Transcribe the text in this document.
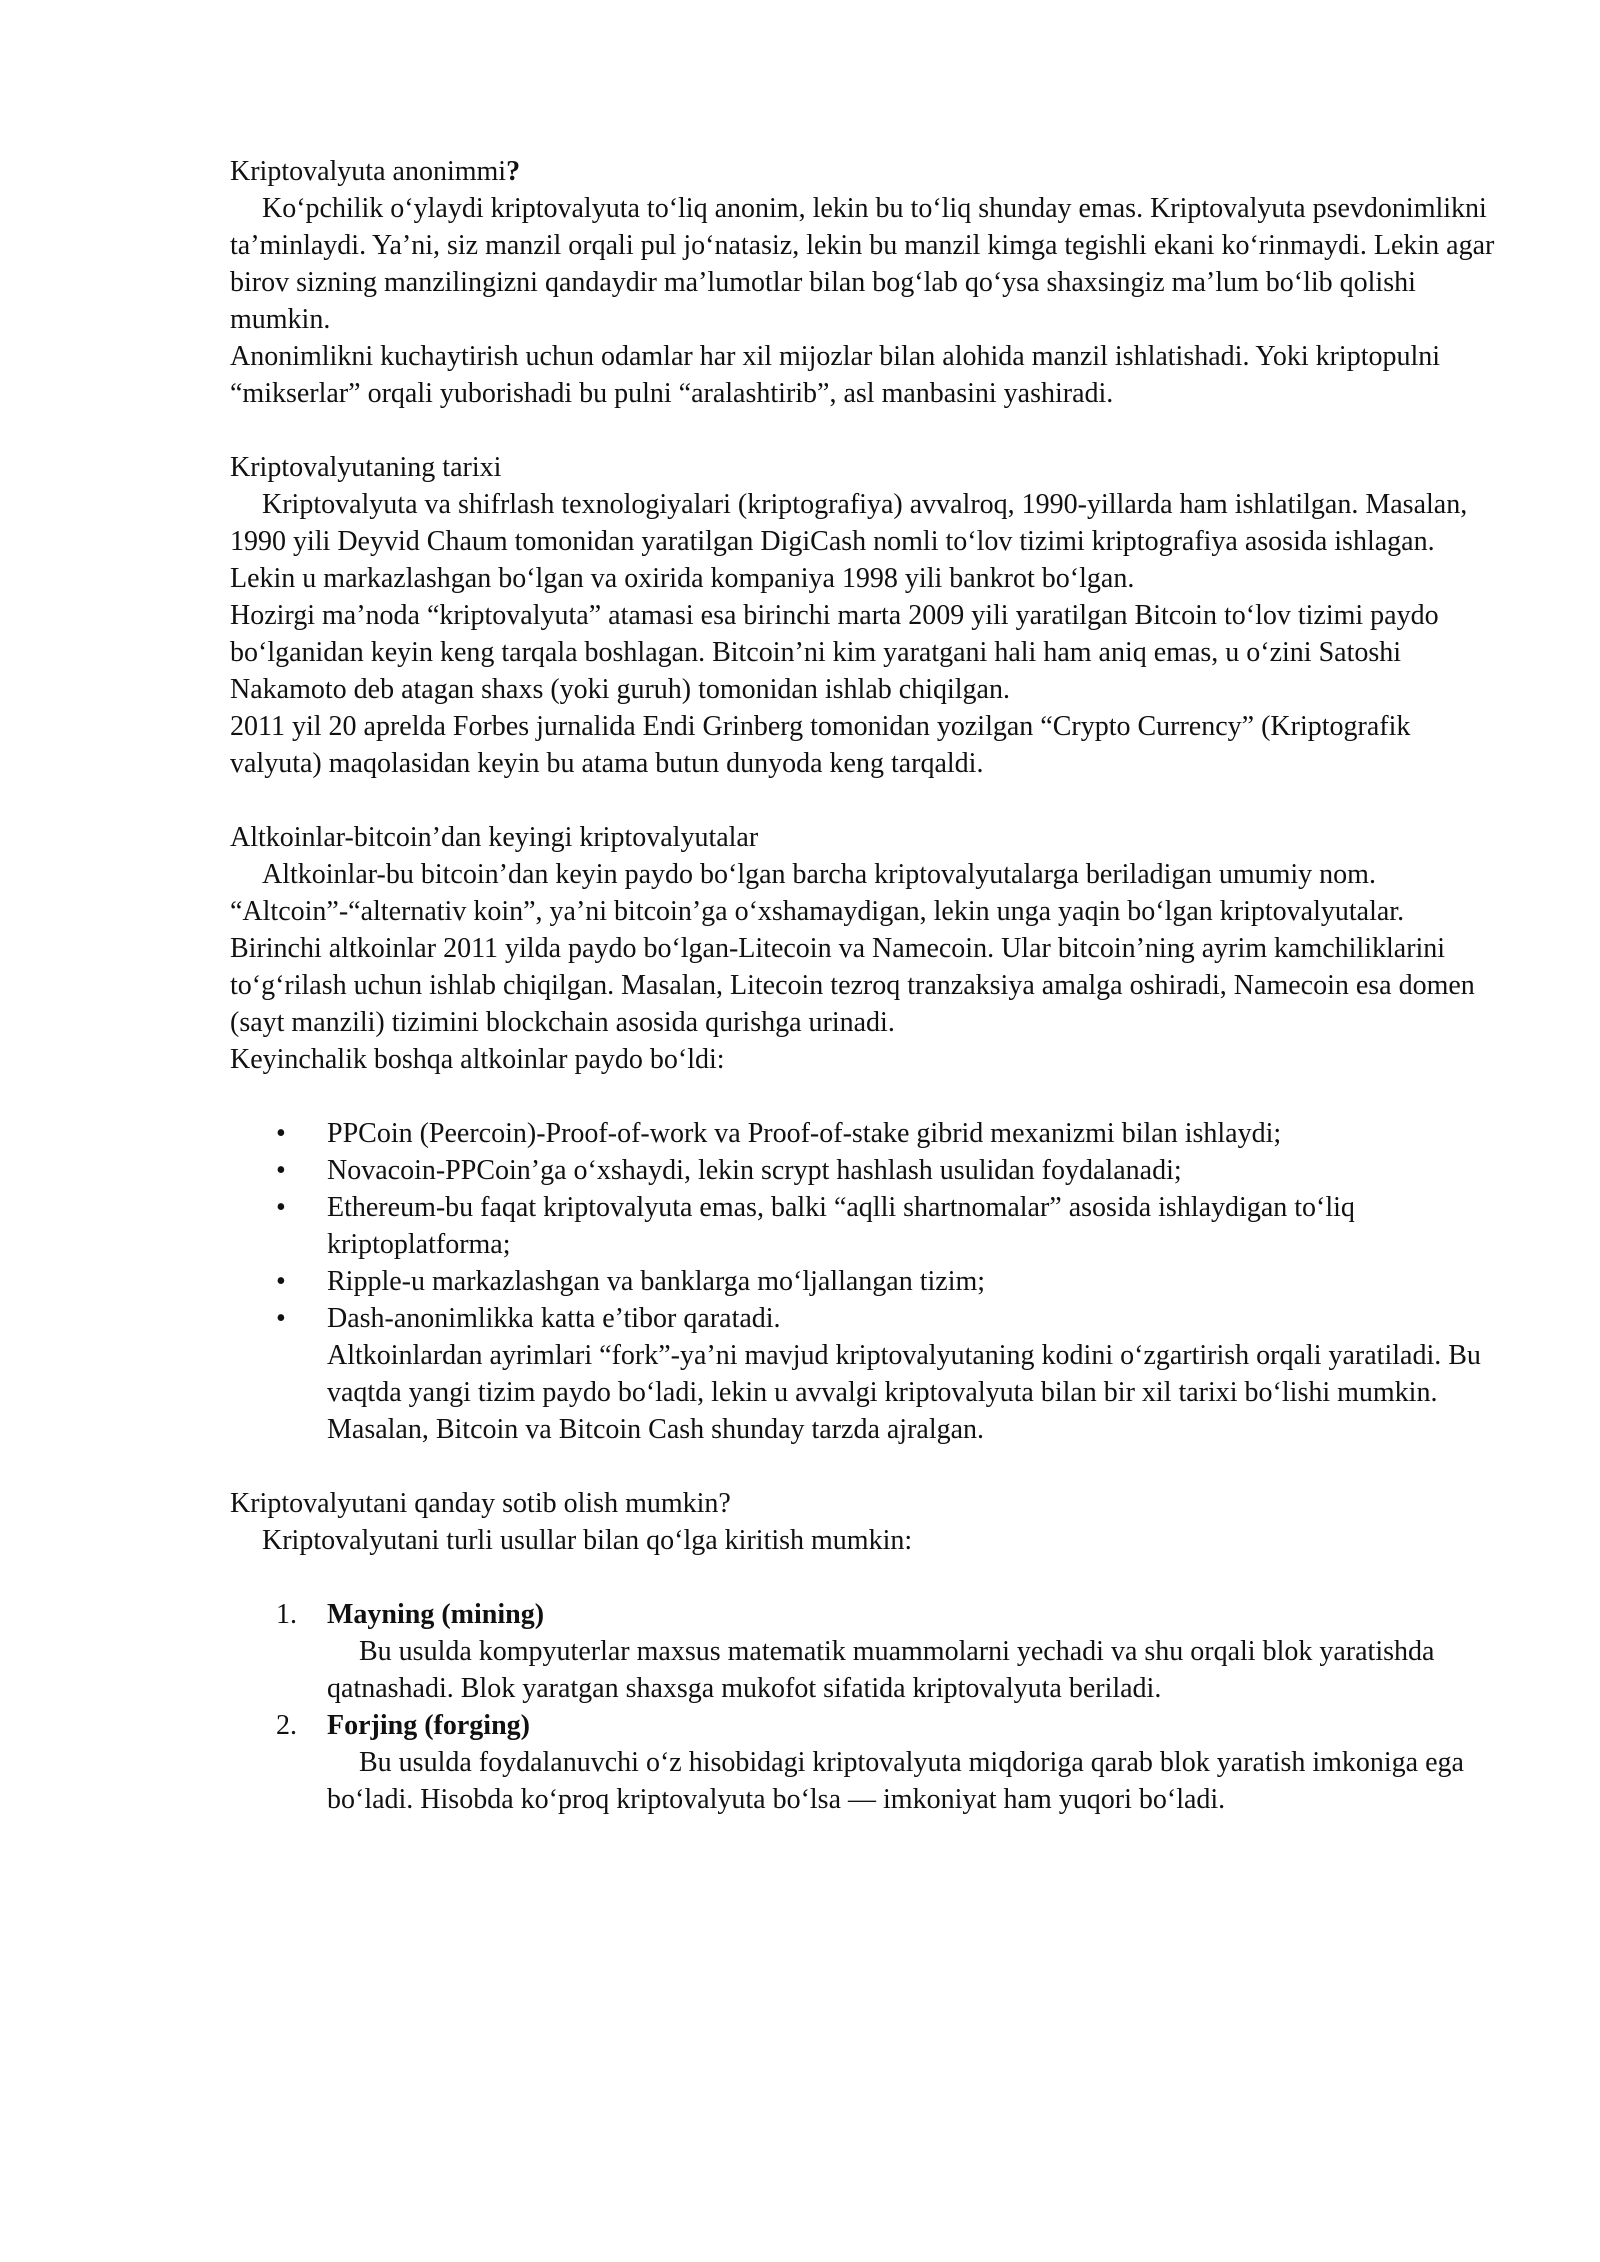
Kriptovalyuta anonimmi?

Ko‘pchilik o‘ylaydi kriptovalyuta to‘liq anonim, lekin bu to‘liq shunday emas. Kriptovalyuta psevdonimlikni ta’minlaydi. Ya’ni, siz manzil orqali pul jo‘natasiz, lekin bu manzil kimga tegishli ekani ko‘rinmaydi. Lekin agar birov sizning manzilingizni qandaydir ma’lumotlar bilan bog‘lab qo‘ysa shaxsingiz ma’lum bo‘lib qolishi mumkin.

Anonimlikni kuchaytirish uchun odamlar har xil mijozlar bilan alohida manzil ishlatishadi. Yoki kriptopulni “mikserlar” orqali yuborishadi bu pulni “aralashtirib”, asl manbasini yashiradi.

Kriptovalyutaning tarixi

Kriptovalyuta va shifrlash texnologiyalari (kriptografiya) avvalroq, 1990-yillarda ham ishlatilgan. Masalan, 1990 yili Deyvid Chaum tomonidan yaratilgan DigiCash nomli to‘lov tizimi kriptografiya asosida ishlagan. Lekin u markazlashgan bo‘lgan va oxirida kompaniya 1998 yili bankrot bo‘lgan.

Hozirgi ma’noda “kriptovalyuta” atamasi esa birinchi marta 2009 yili yaratilgan Bitcoin to‘lov tizimi paydo bo‘lganidan keyin keng tarqala boshlagan. Bitcoin’ni kim yaratgani hali ham aniq emas, u o‘zini Satoshi Nakamoto deb atagan shaxs (yoki guruh) tomonidan ishlab chiqilgan.

2011 yil 20 aprelda Forbes jurnalida Endi Grinberg tomonidan yozilgan “Crypto Currency” (Kriptografik valyuta) maqolasidan keyin bu atama butun dunyoda keng tarqaldi.

Altkoinlar-bitcoin’dan keyingi kriptovalyutalar

Altkoinlar-bu bitcoin’dan keyin paydo bo‘lgan barcha kriptovalyutalarga beriladigan umumiy nom. “Altcoin”-“alternativ koin”, ya’ni bitcoin’ga o‘xshamaydigan, lekin unga yaqin bo‘lgan kriptovalyutalar.

Birinchi altkoinlar 2011 yilda paydo bo‘lgan-Litecoin va Namecoin. Ular bitcoin’ning ayrim kamchiliklarini to‘g‘rilash uchun ishlab chiqilgan. Masalan, Litecoin tezroq tranzaksiya amalga oshiradi, Namecoin esa domen (sayt manzili) tizimini blockchain asosida qurishga urinadi.

Keyinchalik boshqa altkoinlar paydo bo‘ldi:

• PPCoin (Peercoin)-Proof-of-work va Proof-of-stake gibrid mexanizmi bilan ishlaydi;
• Novacoin-PPCoin’ga o‘xshaydi, lekin scrypt hashlash usulidan foydalanadi;
• Ethereum-bu faqat kriptovalyuta emas, balki “aqlli shartnomalar” asosida ishlaydigan to‘liq kriptoplatforma;
• Ripple-u markazlashgan va banklarga mo‘ljallangan tizim;
• Dash-anonimlikka katta e’tibor qaratadi.

Altkoinlardan ayrimlari “fork”-ya’ni mavjud kriptovalyutaning kodini o‘zgartirish orqali yaratiladi. Bu vaqtda yangi tizim paydo bo‘ladi, lekin u avvalgi kriptovalyuta bilan bir xil tarixi bo‘lishi mumkin. Masalan, Bitcoin va Bitcoin Cash shunday tarzda ajralgan.

Kriptovalyutani qanday sotib olish mumkin?

Kriptovalyutani turli usullar bilan qo‘lga kiritish mumkin:

1. Mayning (mining)

Bu usulda kompyuterlar maxsus matematik muammolarni yechadi va shu orqali blok yaratishda qatnashadi. Blok yaratgan shaxsga mukofot sifatida kriptovalyuta beriladi.

2. Forjing (forging)

Bu usulda foydalanuvchi o‘z hisobidagi kriptovalyuta miqdoriga qarab blok yaratish imkoniga ega bo‘ladi. Hisobda ko‘proq kriptovalyuta bo‘lsa — imkoniyat ham yuqori bo‘ladi.
